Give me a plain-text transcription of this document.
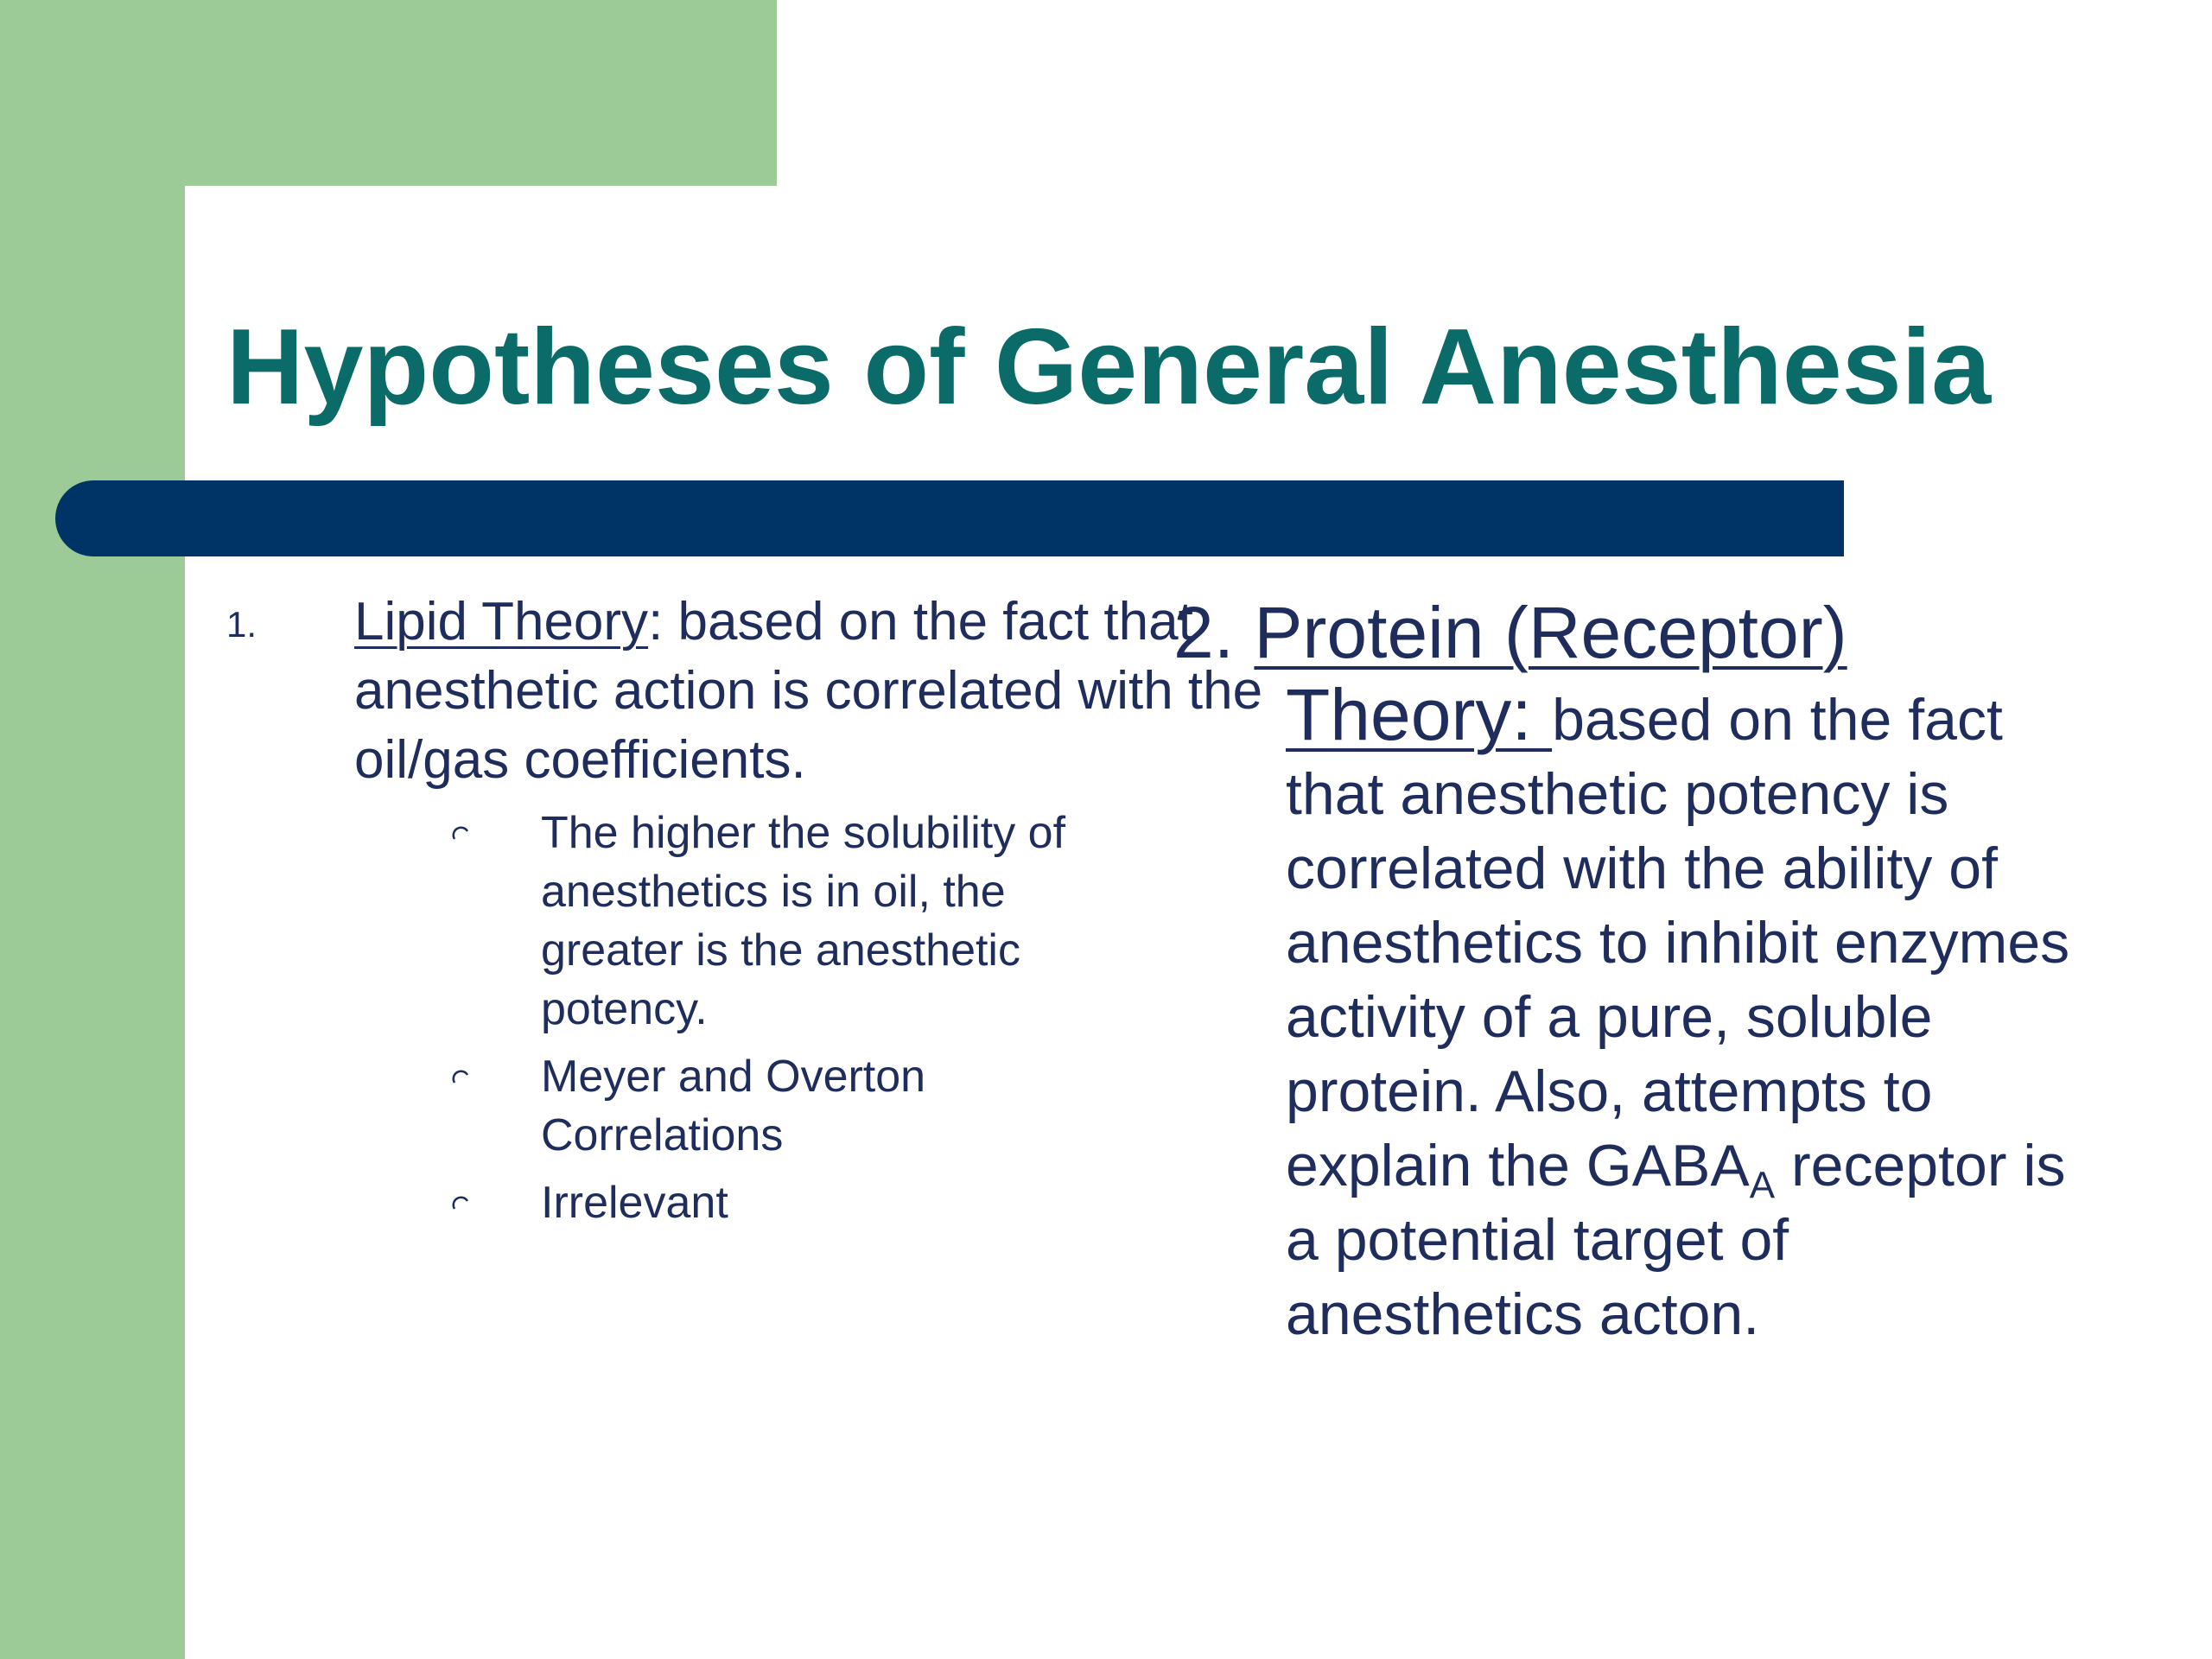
Hypotheses of General Anesthesia
1. Lipid Theory: based on the fact that anesthetic action is correlated with the oil/gas coefficients.
The higher the solubility of anesthetics is in oil, the greater is the anesthetic potency.
Meyer and Overton Correlations
Irrelevant
2. Protein (Receptor)
Theory: based on the fact that anesthetic potency is correlated with the ability of anesthetics to inhibit enzymes activity of a pure, soluble protein. Also, attempts to explain the $GABA_A$ receptor is a potential target of anesthetics acton.
